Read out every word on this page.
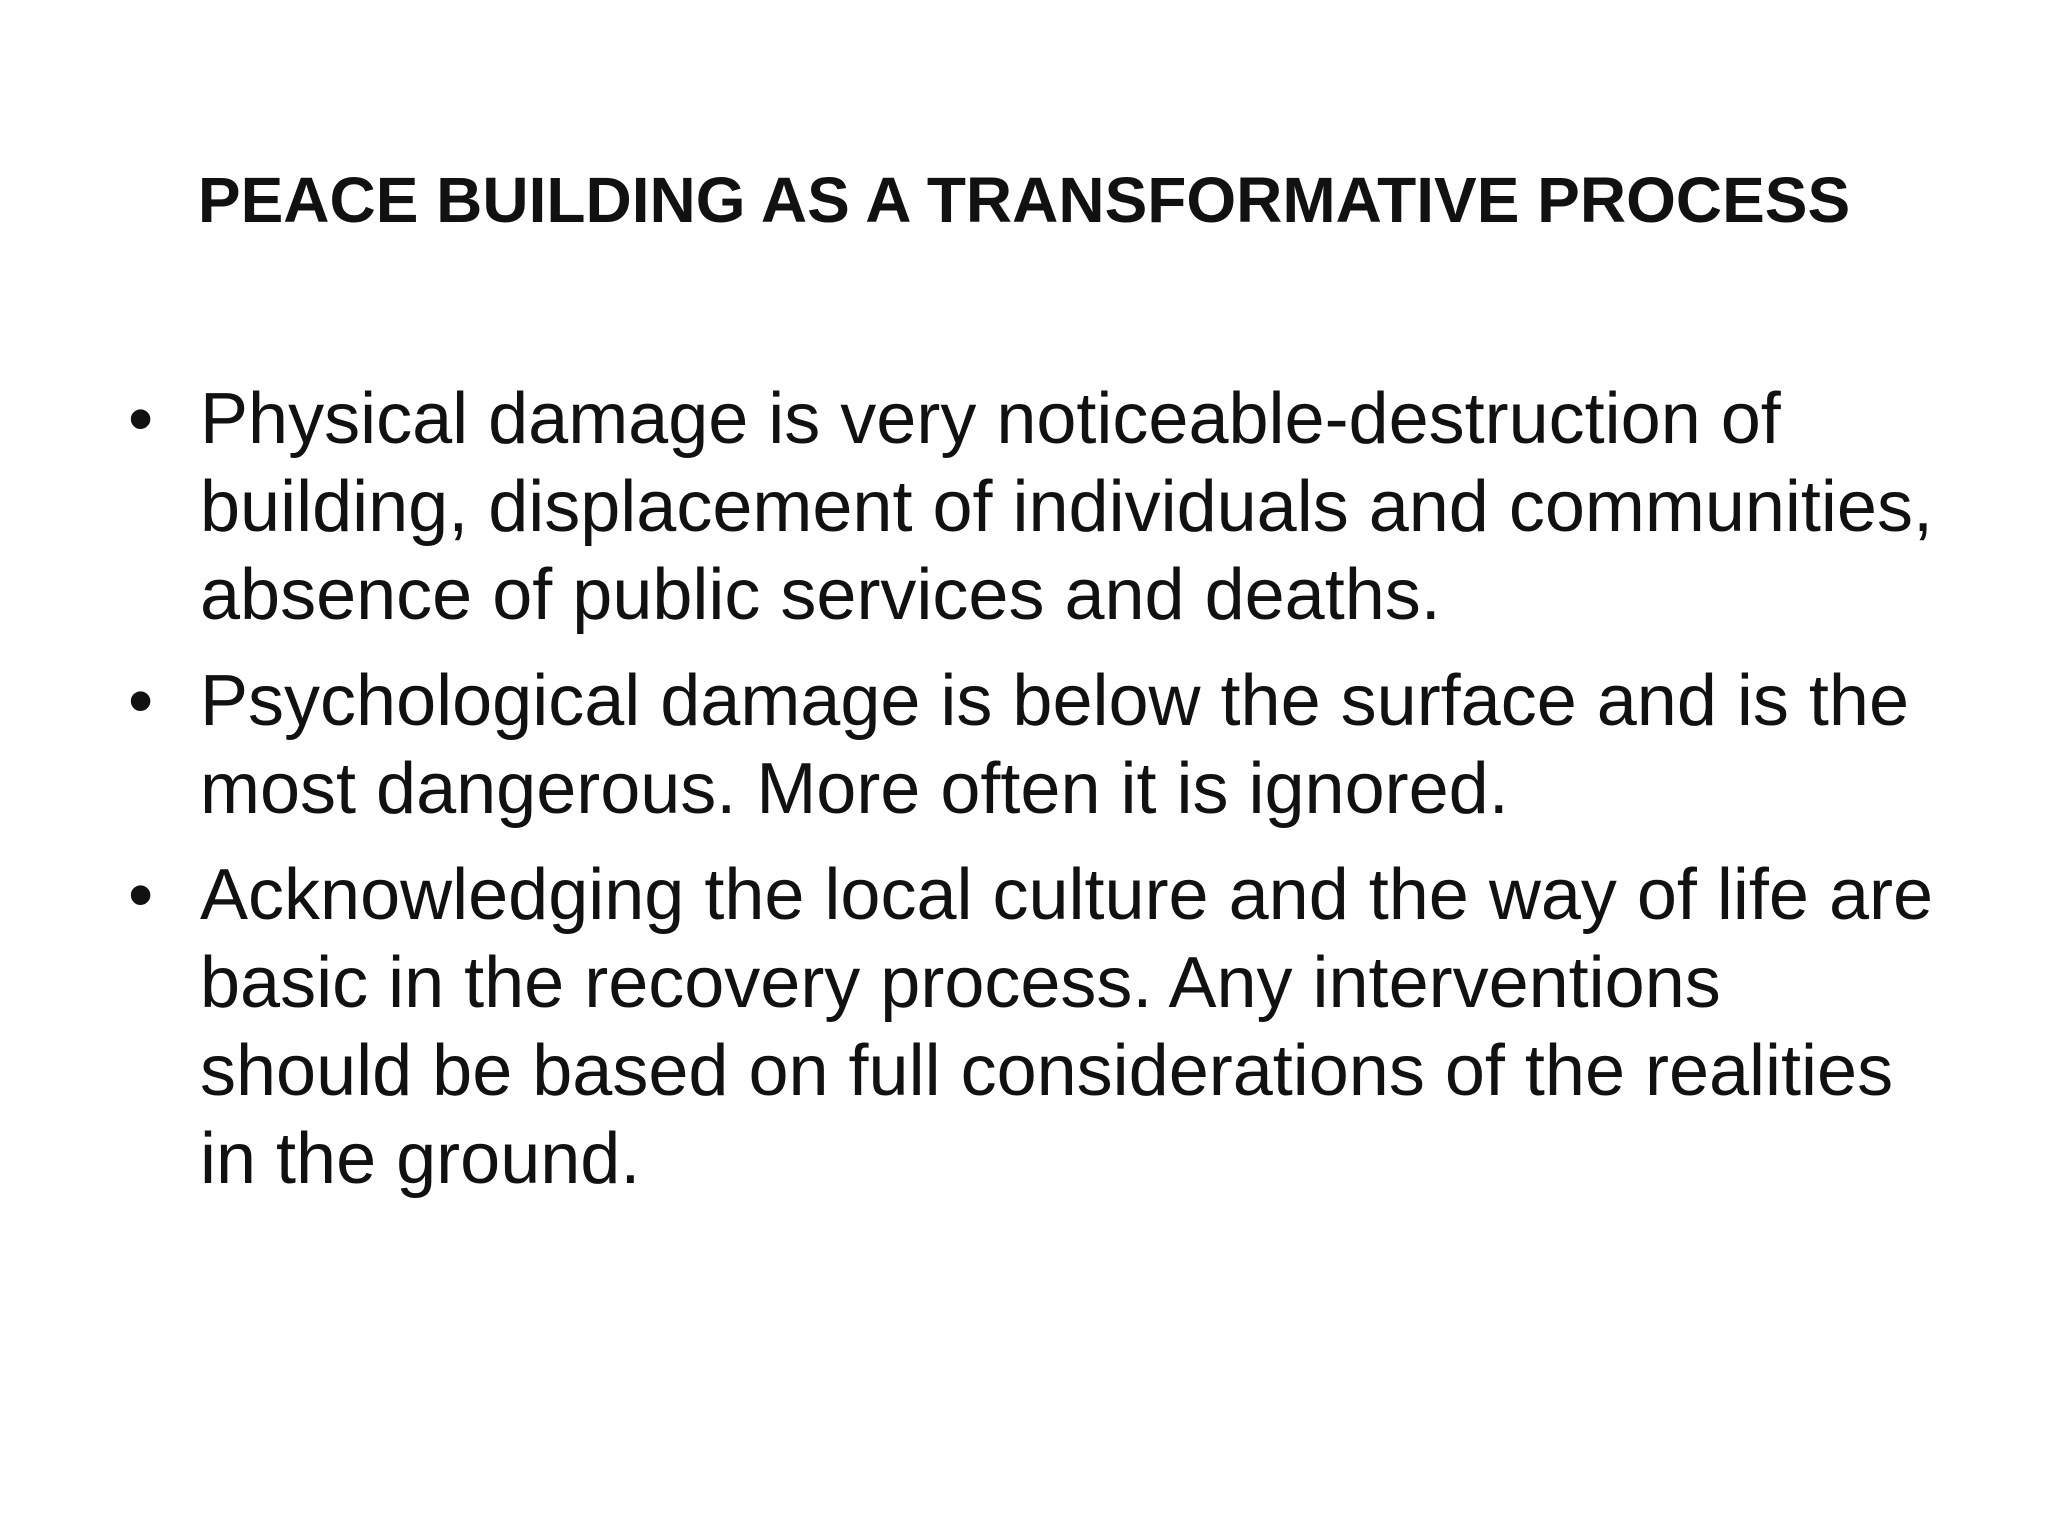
PEACE BUILDING AS A TRANSFORMATIVE PROCESS
• Physical damage is very noticeable-destruction of building, displacement of individuals and communities, absence of public services and deaths.
• Psychological damage is below the surface and is the most dangerous. More often it is ignored.
• Acknowledging the local culture and the way of life are basic in the recovery process. Any interventions should be based on full considerations of the realities in the ground.
